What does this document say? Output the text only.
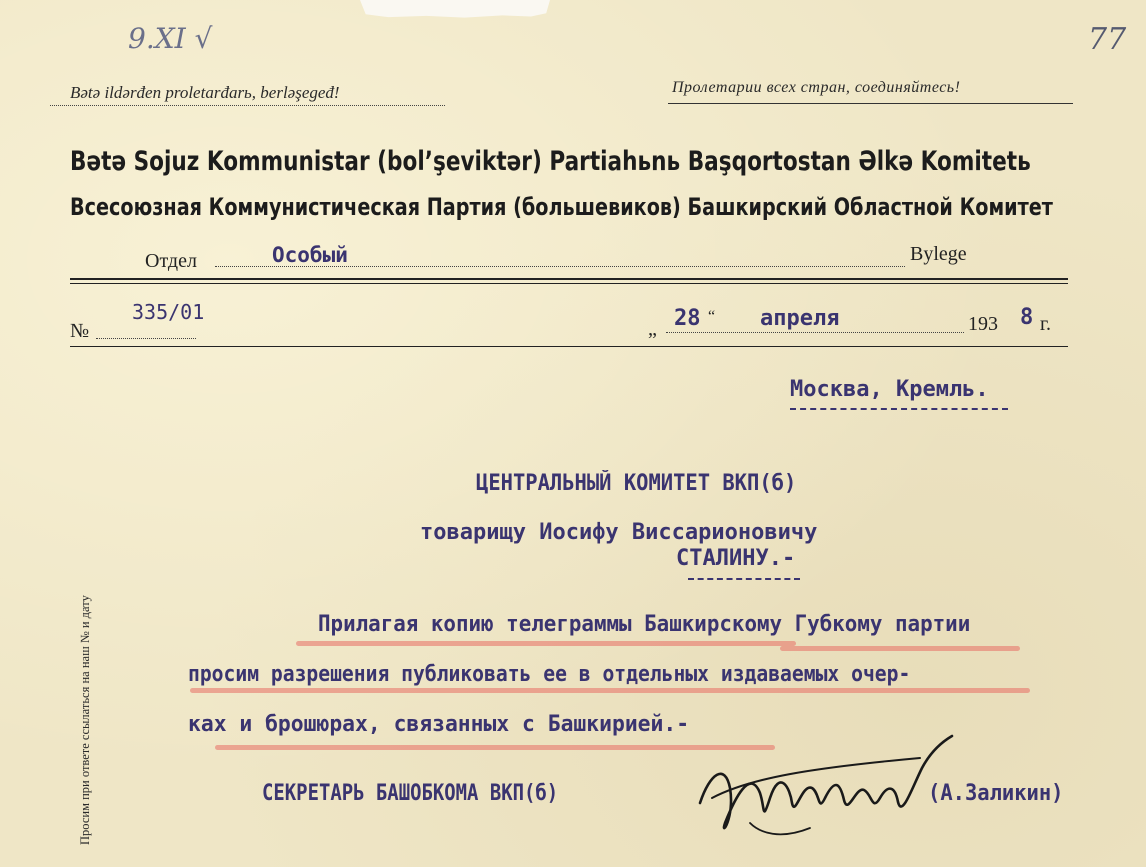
9.XI √	77
Bətə ildərđen proletarđarь, berləşegeđ!	Пролетарии всех стран, соединяйтесь!
Bətə Sojuz Kommunistar (bolʼşeviktər) Partiahьnь Başqortostan Əlkə Komitetь
Всесоюзная Коммунистическая Партия (большевиков) Башкирский Областной Комитет
Отдел	Особый	Bylege
№
335/01
„ 28 “ апреля	193 8 г.
Москва, Кремль.
ЦЕНТРАЛЬНЫЙ КОМИТЕТ ВКП(б)
товарищу Иосифу Виссарионовичу
СТАЛИНУ.-
Прилагая копию телеграммы Башкирскому Губкому партии
просим разрешения публиковать ее в отдельных издаваемых очер-
ках и брошюрах, связанных с Башкирией.-
СЕКРЕТАРЬ БАШОБКОМА ВКП(б)	(А.Заликин)
Просим при ответе ссылаться на наш № и дату
